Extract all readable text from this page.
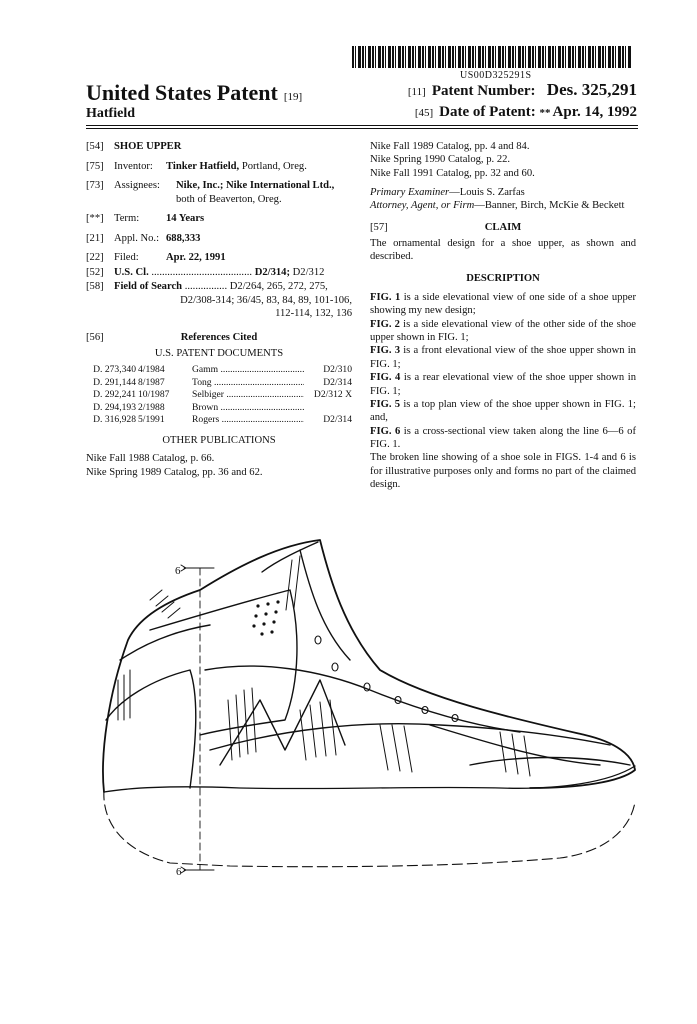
US00D325291S
United States Patent [19]
Hatfield
[11] Patent Number: Des. 325,291
[45] Date of Patent: ** Apr. 14, 1992
[54] SHOE UPPER
[75] Inventor:	Tinker Hatfield, Portland, Oreg.
[73] Assignees:	Nike, Inc.; Nike International Ltd.,
both of Beaverton, Oreg.
[**] Term:	14 Years
[21] Appl. No.: 688,333
[22] Filed:	Apr. 22, 1991
[52] U.S. Cl. ...................................... D2/314; D2/312
[58] Field of Search ................ D2/264, 265, 272, 275,

D2/308-314; 36/45, 83, 84, 89, 101-106,
112-114, 132, 136
[56]	References Cited
U.S. PATENT DOCUMENTS
D. 273,340 4/1984	Gamm .....	D2/310
D. 291,144 8/1987	Tong .....	D2/314
D. 292,241 10/1987	Selbiger .....	D2/312 X
D. 294,193 2/1988	Brown .....
D. 316,928 5/1991	Rogers .....	D2/314
OTHER PUBLICATIONS
Nike Fall 1988 Catalog, p. 66.
Nike Spring 1989 Catalog, pp. 36 and 62.

Nike Fall 1989 Catalog, pp. 4 and 84.

Nike Spring 1990 Catalog, p. 22.

Nike Fall 1991 Catalog, pp. 32 and 60.

Primary Examiner—Louis S. Zarfas

Attorney, Agent, or Firm—Banner, Birch, McKie & Beckett

[57]	CLAIM

The ornamental design for a shoe upper, as shown and described.

DESCRIPTION

FIG. 1 is a side elevational view of one side of a shoe upper showing my new design;

FIG. 2 is a side elevational view of the other side of the shoe upper shown in FIG. 1;

FIG. 3 is a front elevational view of the shoe upper shown in FIG. 1;

FIG. 4 is a rear elevational view of the shoe upper shown in FIG. 1;

FIG. 5 is a top plan view of the shoe upper shown in FIG. 1; and,

FIG. 6 is a cross-sectional view taken along the line 6—6 of FIG. 1.

The broken line showing of a shoe sole in FIGS. 1-4 and 6 is for illustrative purposes only and forms no part of the claimed design.

6
6
